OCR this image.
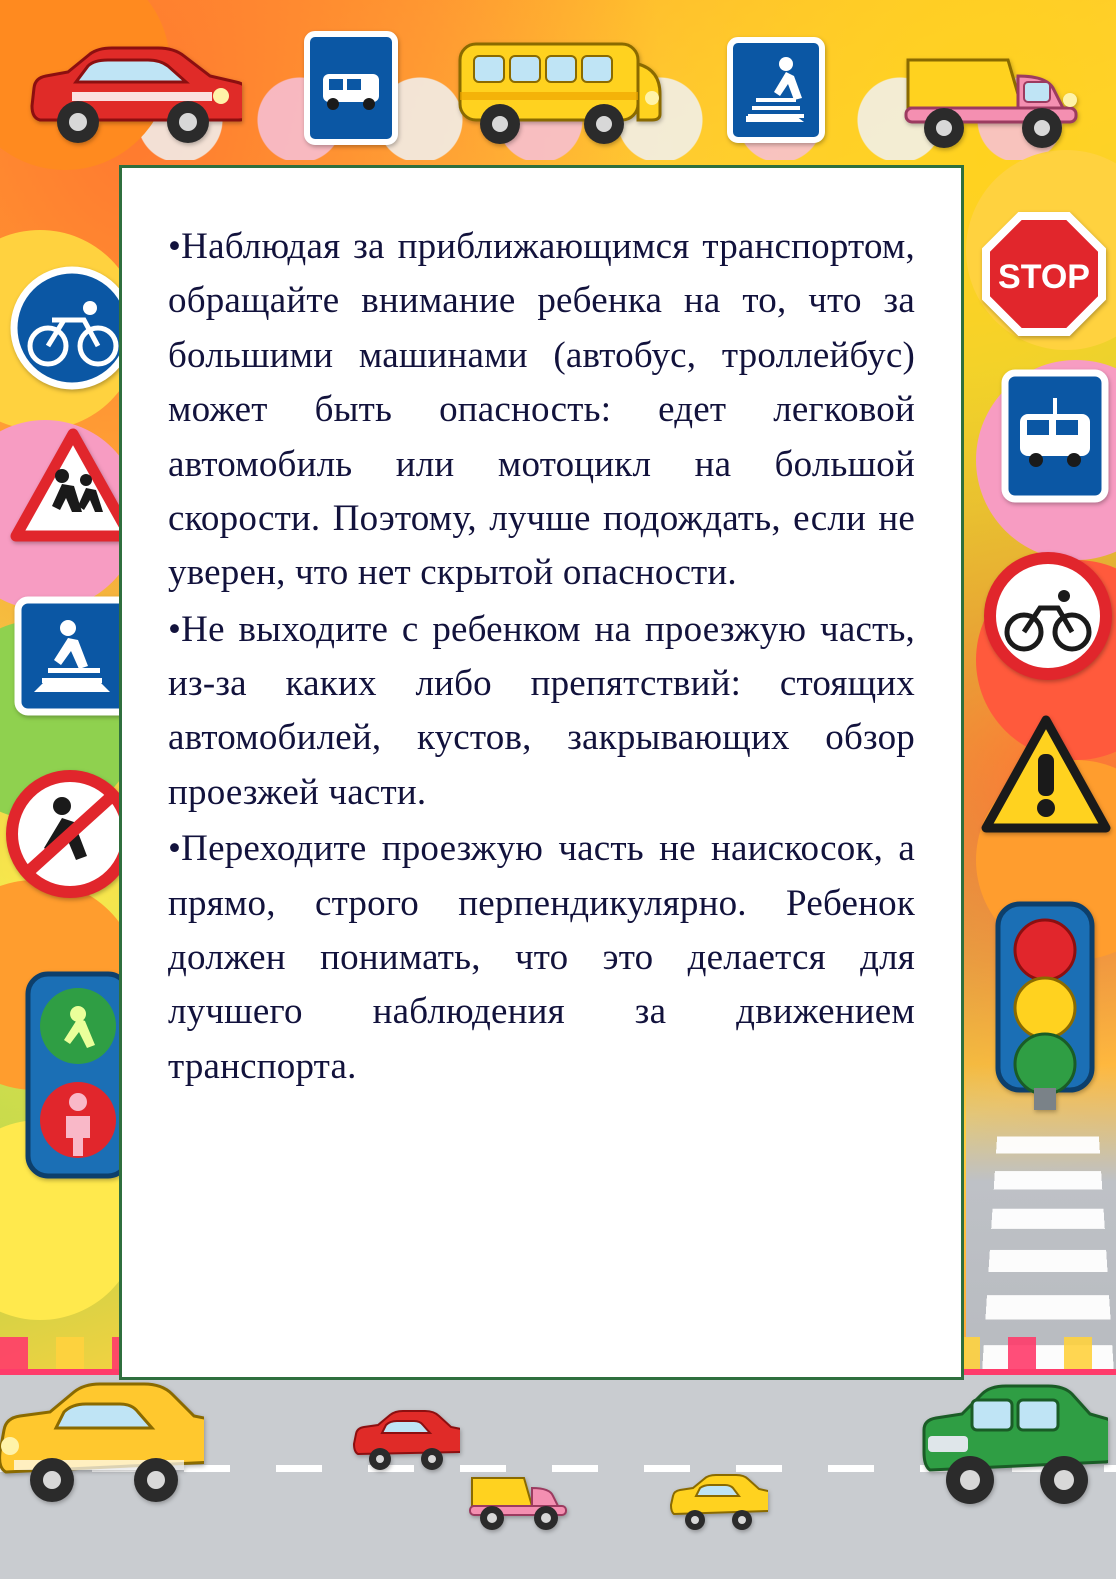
STOP

•Наблюдая за приближающимся транспортом, обращайте внимание ребенка на то, что за большими машинами (автобус, троллейбус) может быть опасность: едет легковой автомобиль или мотоцикл на большой скорости. Поэтому, лучше подождать, если не уверен, что нет скрытой опасности.

•Не выходите с ребенком на проезжую часть, из-за каких либо препятствий: стоящих автомобилей, кустов, закрывающих обзор проезжей части.

•Переходите проезжую часть не наискосок, а прямо, строго перпендикулярно. Ребенок должен понимать, что это делается для лучшего наблюдения за движением транспорта.
